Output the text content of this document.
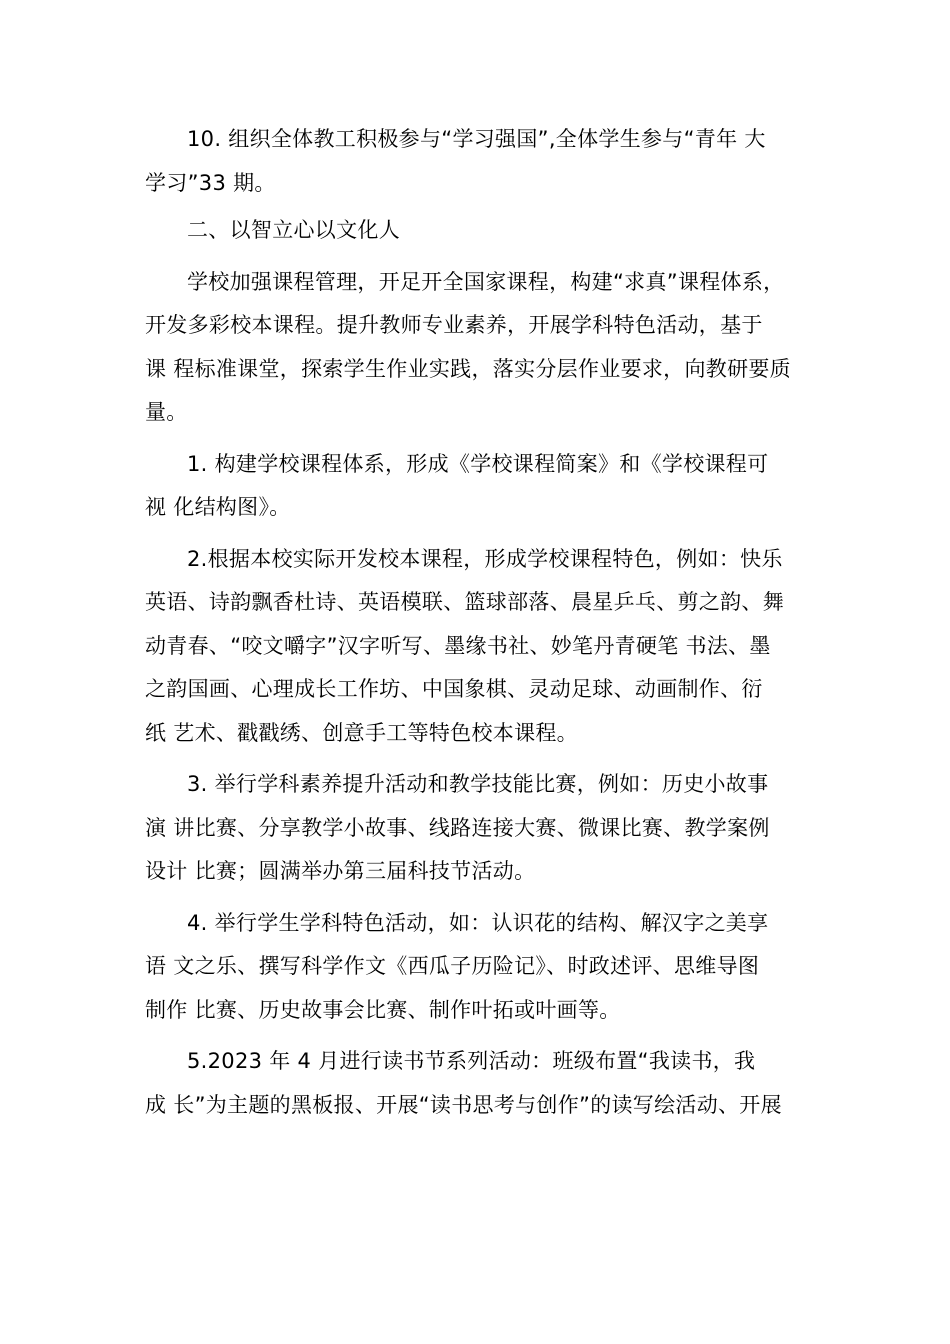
10. 组织全体教工积极参与“学习强国”,全体学生参与“青年 大
学习”33 期。

二、以智立心以文化人

学校加强课程管理，开足开全国家课程，构建“求真”课程体系，
开发多彩校本课程。提升教师专业素养，开展学科特色活动，基于
课 程标准课堂，探索学生作业实践，落实分层作业要求，向教研要质
量。

1. 构建学校课程体系，形成《学校课程简案》和《学校课程可
视 化结构图》。

2.根据本校实际开发校本课程，形成学校课程特色，例如：快乐
英语、诗韵飘香杜诗、英语模联、篮球部落、晨星乒乓、剪之韵、舞
动青春、“咬文嚼字”汉字听写、墨缘书社、妙笔丹青硬笔 书法、墨
之韵国画、心理成长工作坊、中国象棋、灵动足球、动画制作、衍
纸 艺术、戳戳绣、创意手工等特色校本课程。

3. 举行学科素养提升活动和教学技能比赛，例如：历史小故事
演 讲比赛、分享教学小故事、线路连接大赛、微课比赛、教学案例
设计 比赛；圆满举办第三届科技节活动。

4. 举行学生学科特色活动，如：认识花的结构、解汉字之美享
语 文之乐、撰写科学作文《西瓜子历险记》、时政述评、思维导图
制作 比赛、历史故事会比赛、制作叶拓或叶画等。

5.2023 年 4 月进行读书节系列活动：班级布置“我读书，我
成 长”为主题的黑板报、开展“读书思考与创作”的读写绘活动、开展
